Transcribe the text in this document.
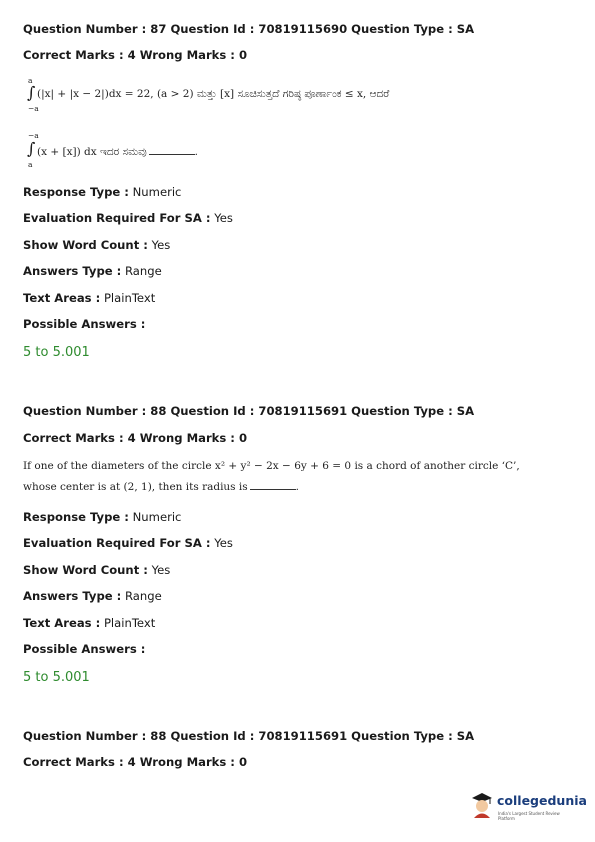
Question Number : 87 Question Id : 70819115690 Question Type : SA
Correct Marks : 4 Wrong Marks : 0
a
∫
−a
(|x| + |x − 2|)dx = 22, (a > 2) ಮತ್ತು [x] ಸೂಚಿಸುತ್ತದೆ ಗರಿಷ್ಠ ಪೂರ್ಣಾಂಕ ≤ x, ಆದರೆ
−a
∫
a
(x + [x]) dx ಇದರ ಸಮವು	.
Response Type : Numeric
Evaluation Required For SA : Yes
Show Word Count : Yes
Answers Type : Range
Text Areas : PlainText
Possible Answers :
5 to 5.001
Question Number : 88 Question Id : 70819115691 Question Type : SA
Correct Marks : 4 Wrong Marks : 0
If one of the diameters of the circle x² + y² − 2x − 6y + 6 = 0 is a chord of another circle ‘C’,
whose center is at (2, 1), then its radius is	.
Response Type : Numeric
Evaluation Required For SA : Yes
Show Word Count : Yes
Answers Type : Range
Text Areas : PlainText
Possible Answers :
5 to 5.001
Question Number : 88 Question Id : 70819115691 Question Type : SA
Correct Marks : 4 Wrong Marks : 0
collegedunia
India's Largest Student Review Platform
